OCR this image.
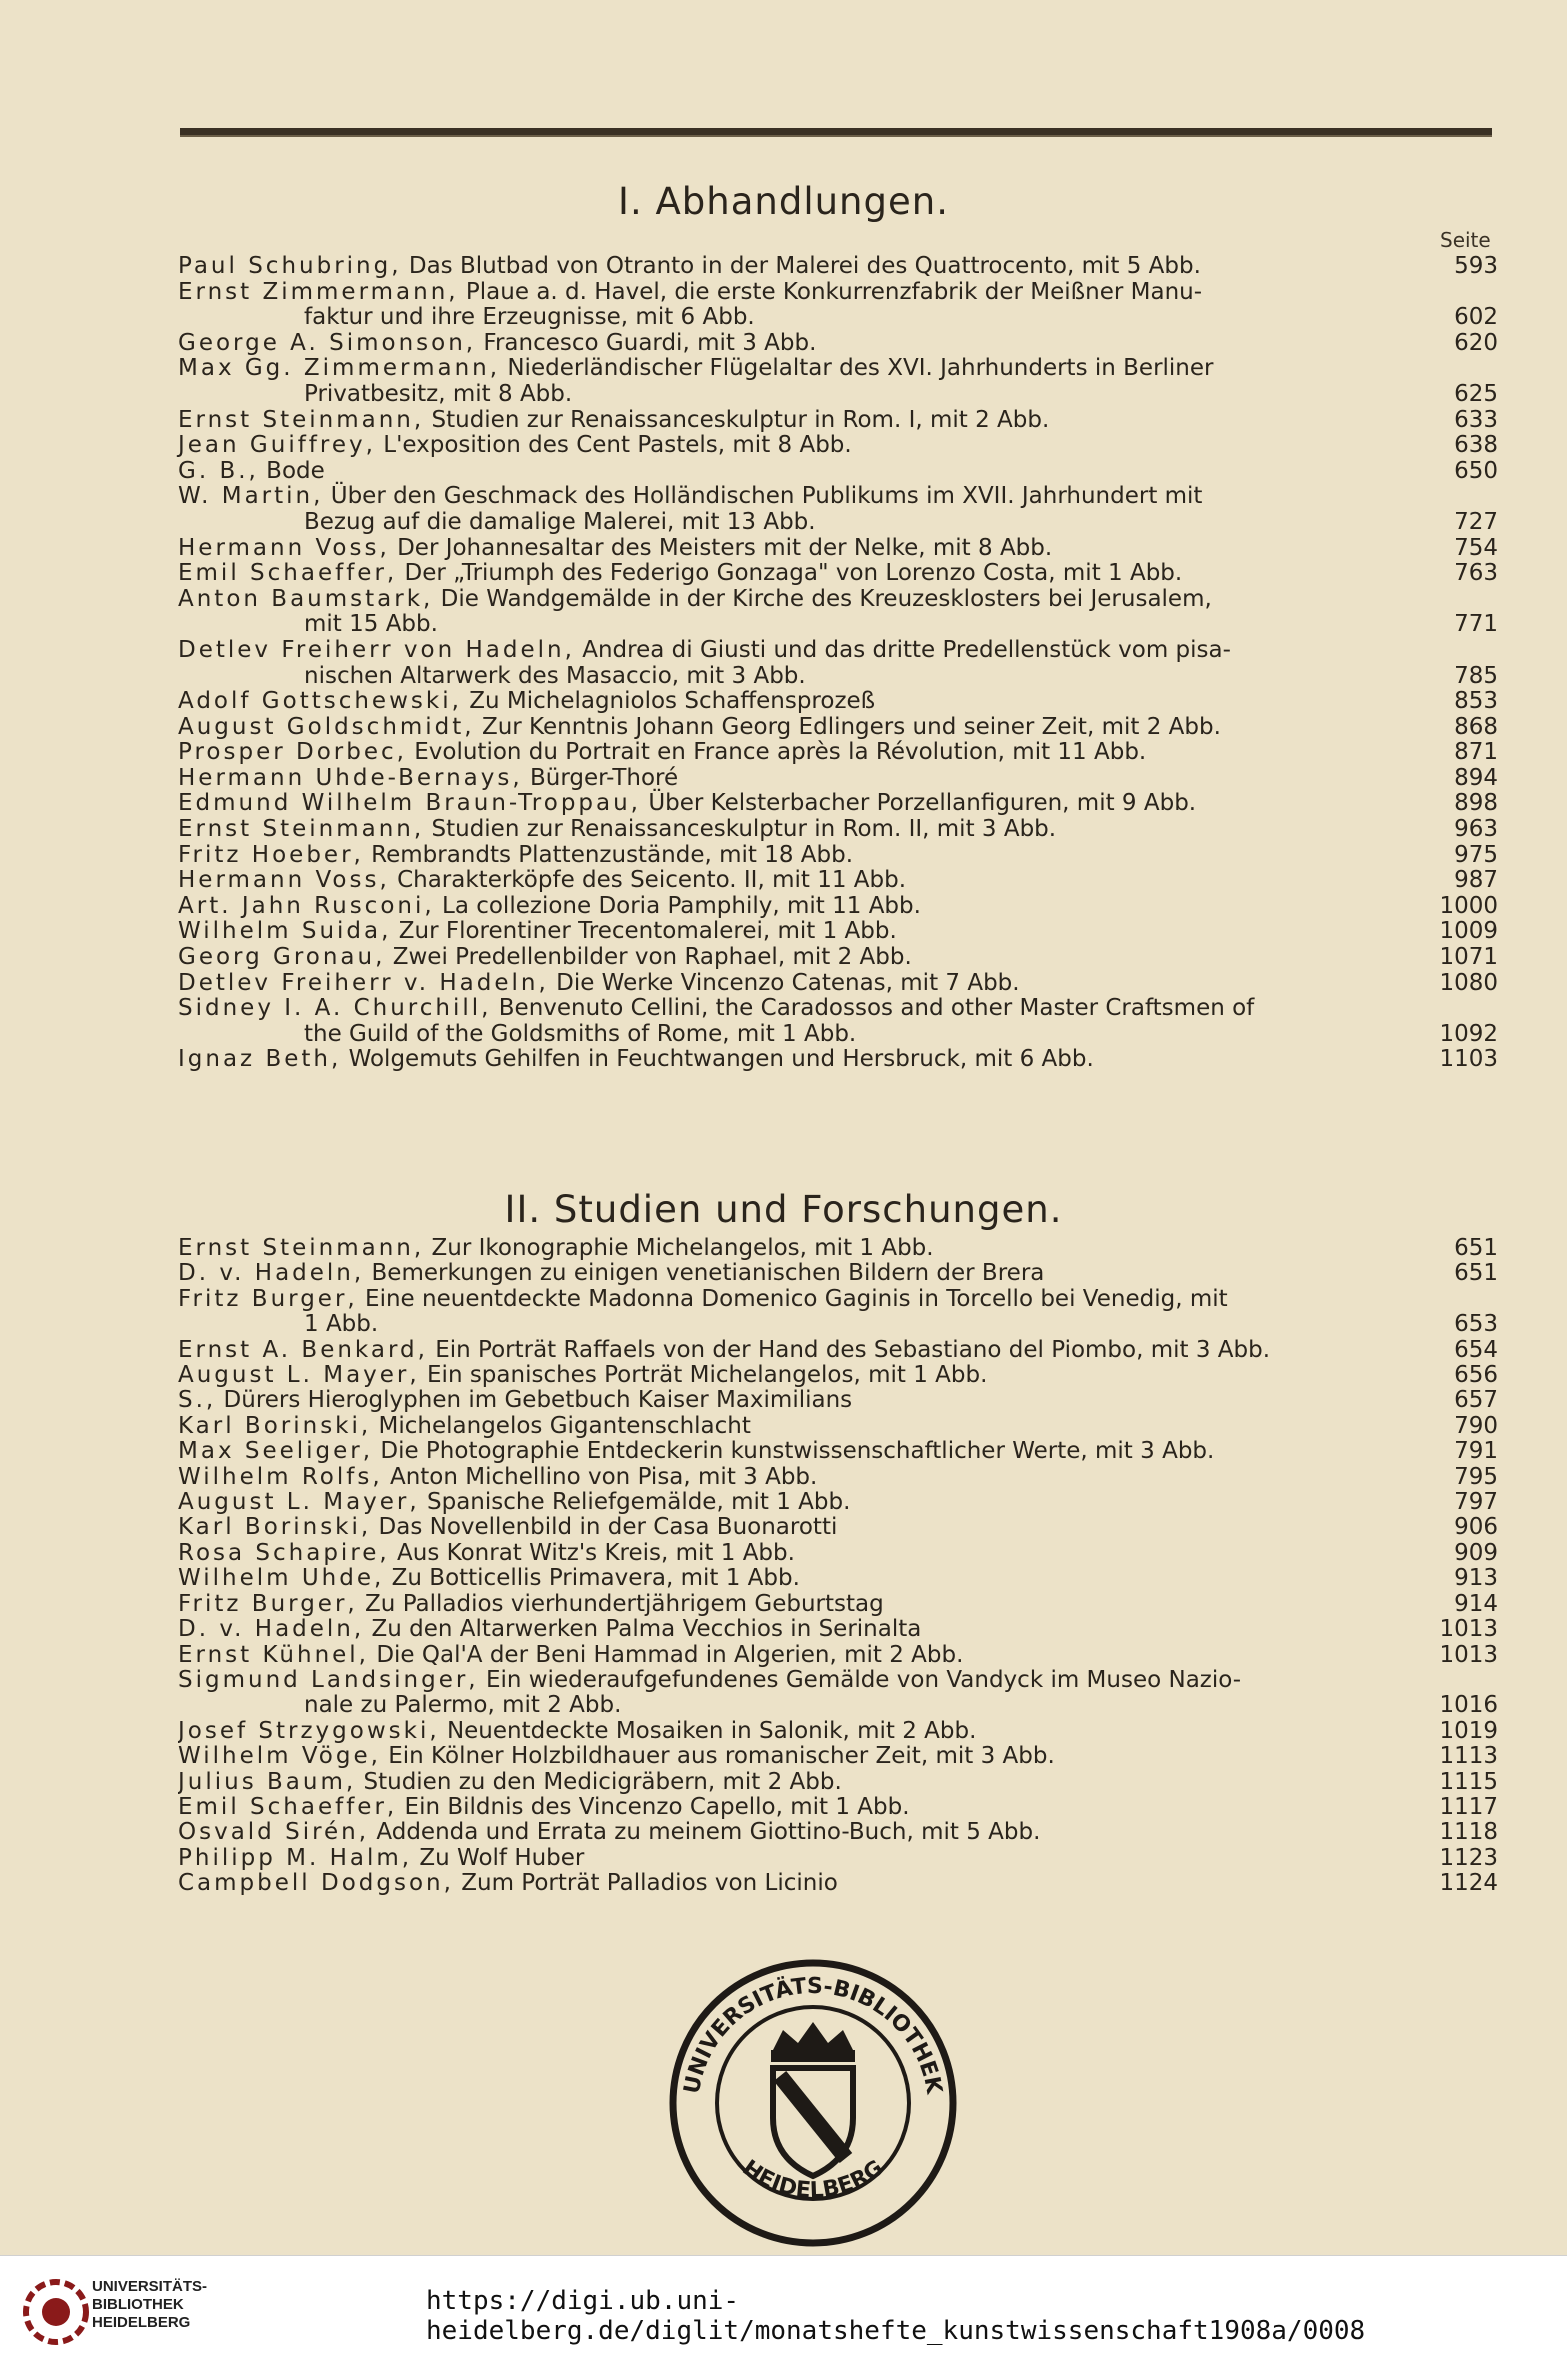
I. Abhandlungen.
Seite
Paul Schubring, Das Blutbad von Otranto in der Malerei des Quattrocento, mit 5 Abb.	593
Ernst Zimmermann, Plaue a. d. Havel, die erste Konkurrenzfabrik der Meißner Manu-
faktur und ihre Erzeugnisse, mit 6 Abb.	602
George A. Simonson, Francesco Guardi, mit 3 Abb.	620
Max Gg. Zimmermann, Niederländischer Flügelaltar des XVI. Jahrhunderts in Berliner
Privatbesitz, mit 8 Abb.	625
Ernst Steinmann, Studien zur Renaissanceskulptur in Rom. I, mit 2 Abb.	633
Jean Guiffrey, L'exposition des Cent Pastels, mit 8 Abb.	638
G. B., Bode	650
W. Martin, Über den Geschmack des Holländischen Publikums im XVII. Jahrhundert mit
Bezug auf die damalige Malerei, mit 13 Abb.	727
Hermann Voss, Der Johannesaltar des Meisters mit der Nelke, mit 8 Abb.	754
Emil Schaeffer, Der „Triumph des Federigo Gonzaga" von Lorenzo Costa, mit 1 Abb.	763
Anton Baumstark, Die Wandgemälde in der Kirche des Kreuzesklosters bei Jerusalem,
mit 15 Abb.	771
Detlev Freiherr von Hadeln, Andrea di Giusti und das dritte Predellenstück vom pisa-
nischen Altarwerk des Masaccio, mit 3 Abb.	785
Adolf Gottschewski, Zu Michelagniolos Schaffensprozeß	853
August Goldschmidt, Zur Kenntnis Johann Georg Edlingers und seiner Zeit, mit 2 Abb.	868
Prosper Dorbec, Evolution du Portrait en France après la Révolution, mit 11 Abb.	871
Hermann Uhde-Bernays, Bürger-Thoré	894
Edmund Wilhelm Braun-Troppau, Über Kelsterbacher Porzellanfiguren, mit 9 Abb.	898
Ernst Steinmann, Studien zur Renaissanceskulptur in Rom. II, mit 3 Abb.	963
Fritz Hoeber, Rembrandts Plattenzustände, mit 18 Abb.	975
Hermann Voss, Charakterköpfe des Seicento. II, mit 11 Abb.	987
Art. Jahn Rusconi, La collezione Doria Pamphily, mit 11 Abb.	1000
Wilhelm Suida, Zur Florentiner Trecentomalerei, mit 1 Abb.	1009
Georg Gronau, Zwei Predellenbilder von Raphael, mit 2 Abb.	1071
Detlev Freiherr v. Hadeln, Die Werke Vincenzo Catenas, mit 7 Abb.	1080
Sidney I. A. Churchill, Benvenuto Cellini, the Caradossos and other Master Craftsmen of
the Guild of the Goldsmiths of Rome, mit 1 Abb.	1092
Ignaz Beth, Wolgemuts Gehilfen in Feuchtwangen und Hersbruck, mit 6 Abb.	1103
II. Studien und Forschungen.
Ernst Steinmann, Zur Ikonographie Michelangelos, mit 1 Abb.	651
D. v. Hadeln, Bemerkungen zu einigen venetianischen Bildern der Brera	651
Fritz Burger, Eine neuentdeckte Madonna Domenico Gaginis in Torcello bei Venedig, mit
1 Abb.	653
Ernst A. Benkard, Ein Porträt Raffaels von der Hand des Sebastiano del Piombo, mit 3 Abb.	654
August L. Mayer, Ein spanisches Porträt Michelangelos, mit 1 Abb.	656
S., Dürers Hieroglyphen im Gebetbuch Kaiser Maximilians	657
Karl Borinski, Michelangelos Gigantenschlacht	790
Max Seeliger, Die Photographie Entdeckerin kunstwissenschaftlicher Werte, mit 3 Abb.	791
Wilhelm Rolfs, Anton Michellino von Pisa, mit 3 Abb.	795
August L. Mayer, Spanische Reliefgemälde, mit 1 Abb.	797
Karl Borinski, Das Novellenbild in der Casa Buonarotti	906
Rosa Schapire, Aus Konrat Witz's Kreis, mit 1 Abb.	909
Wilhelm Uhde, Zu Botticellis Primavera, mit 1 Abb.	913
Fritz Burger, Zu Palladios vierhundertjährigem Geburtstag	914
D. v. Hadeln, Zu den Altarwerken Palma Vecchios in Serinalta	1013
Ernst Kühnel, Die Qal'A der Beni Hammad in Algerien, mit 2 Abb.	1013
Sigmund Landsinger, Ein wiederaufgefundenes Gemälde von Vandyck im Museo Nazio-
nale zu Palermo, mit 2 Abb.	1016
Josef Strzygowski, Neuentdeckte Mosaiken in Salonik, mit 2 Abb.	1019
Wilhelm Vöge, Ein Kölner Holzbildhauer aus romanischer Zeit, mit 3 Abb.	1113
Julius Baum, Studien zu den Medicigräbern, mit 2 Abb.	1115
Emil Schaeffer, Ein Bildnis des Vincenzo Capello, mit 1 Abb.	1117
Osvald Sirén, Addenda und Errata zu meinem Giottino-Buch, mit 5 Abb.	1118
Philipp M. Halm, Zu Wolf Huber	1123
Campbell Dodgson, Zum Porträt Palladios von Licinio	1124
UNIVERSITÄTS-BIBLIOTHEK
HEIDELBERG
UNIVERSITÄTS-
BIBLIOTHEK
HEIDELBERG
https://digi.ub.uni-heidelberg.de/diglit/monatshefte_kunstwissenschaft1908a/0008
